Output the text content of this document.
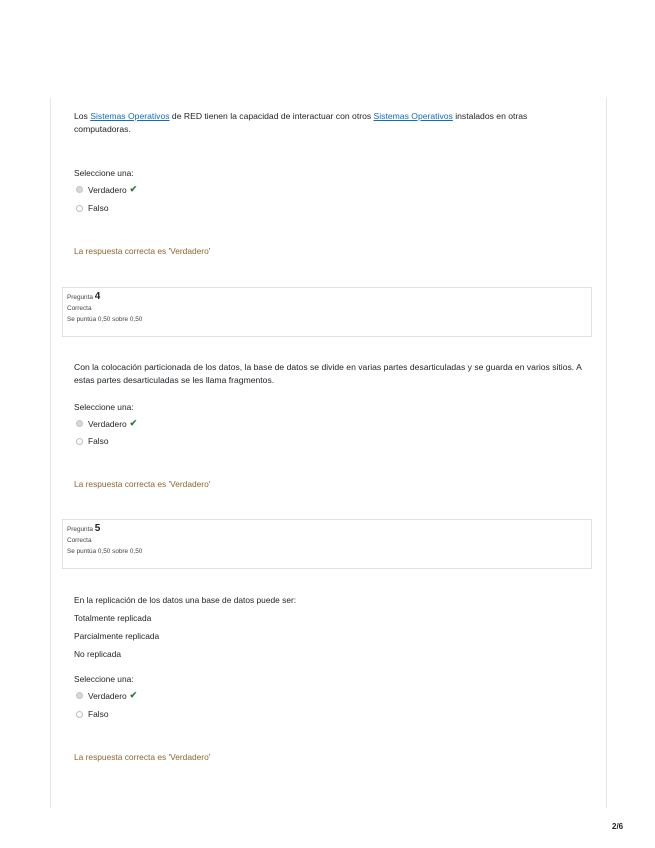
Los Sistemas Operativos de RED tienen la capacidad de interactuar con otros Sistemas Operativos instalados en otras computadoras.
Seleccione una:
Verdadero ✔
Falso
La respuesta correcta es 'Verdadero'
Pregunta 4
Correcta
Se puntúa 0,50 sobre 0,50
Con la colocación particionada de los datos, la base de datos se divide en varias partes desarticuladas y se guarda en varios sitios. A estas partes desarticuladas se les llama fragmentos.
Seleccione una:
Verdadero ✔
Falso
La respuesta correcta es 'Verdadero'
Pregunta 5
Correcta
Se puntúa 0,50 sobre 0,50
En la replicación de los datos una base de datos puede ser:
Totalmente replicada
Parcialmente replicada
No replicada
Seleccione una:
Verdadero ✔
Falso
La respuesta correcta es 'Verdadero'
2/6
